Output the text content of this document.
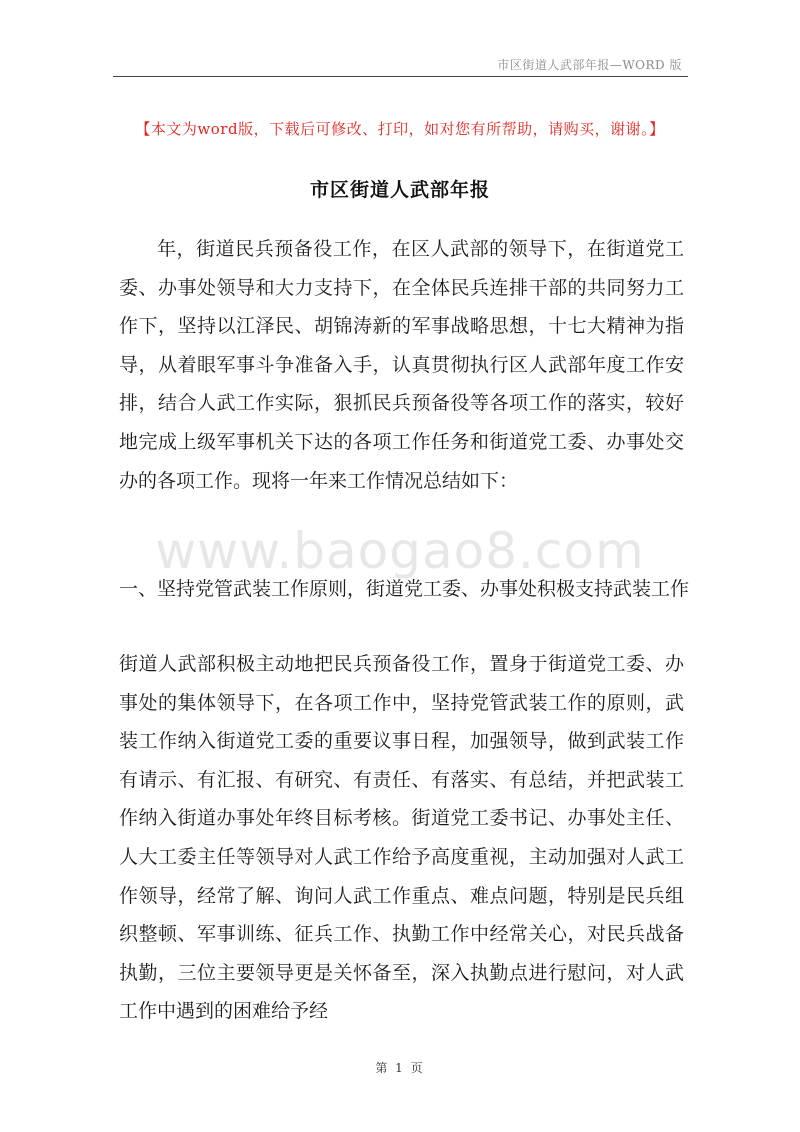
市区街道人武部年报—WORD 版
【本文为word版，下载后可修改、打印，如对您有所帮助，请购买，谢谢。】
市区街道人武部年报
年，街道民兵预备役工作，在区人武部的领导下，在街道党工委、办事处领导和大力支持下，在全体民兵连排干部的共同努力工作下，坚持以江泽民、胡锦涛新的军事战略思想，十七大精神为指导，从着眼军事斗争准备入手，认真贯彻执行区人武部年度工作安排，结合人武工作实际，狠抓民兵预备役等各项工作的落实，较好地完成上级军事机关下达的各项工作任务和街道党工委、办事处交办的各项工作。现将一年来工作情况总结如下：
www.baogao8.com
一、坚持党管武装工作原则，街道党工委、办事处积极支持武装工作
街道人武部积极主动地把民兵预备役工作，置身于街道党工委、办事处的集体领导下，在各项工作中，坚持党管武装工作的原则，武装工作纳入街道党工委的重要议事日程，加强领导，做到武装工作有请示、有汇报、有研究、有责任、有落实、有总结，并把武装工作纳入街道办事处年终目标考核。街道党工委书记、办事处主任、人大工委主任等领导对人武工作给予高度重视，主动加强对人武工作领导，经常了解、询问人武工作重点、难点问题，特别是民兵组织整顿、军事训练、征兵工作、执勤工作中经常关心，对民兵战备执勤，三位主要领导更是关怀备至，深入执勤点进行慰问，对人武工作中遇到的困难给予经
第 1 页
